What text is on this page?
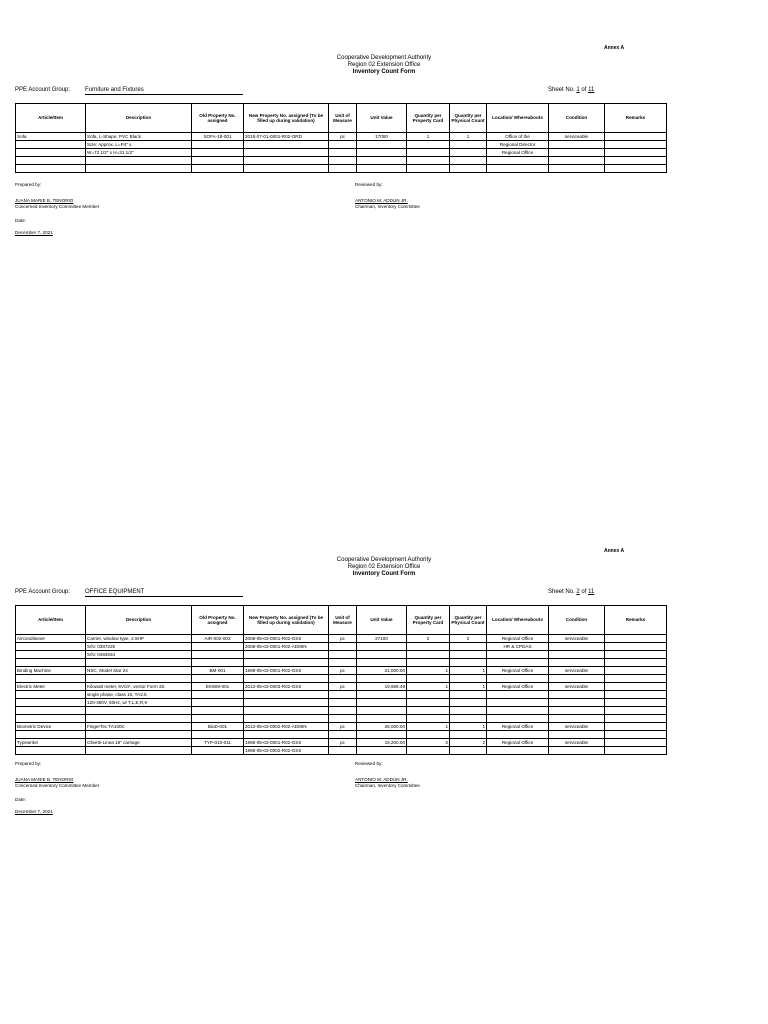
Annex A
Cooperative Development Authority
Region 02 Extension Office
Inventory Count Form
PPE Account Group: Furniture and Fixtures	Sheet No. 1 of 11
Article/Item	Description	Old Property No. assigned	New Property No. assigned (To be filled up during validation)	Unit of Measure	Unit Value	Quantity per Property Card	Quantity per Physical Count	Location/ Whereabouts	Condition	Remarks
Sofa	Sofa, L-Shape, PVC Black	SOFA-18-001	2018-07-01-0001-R02-ORD	pc	17000	1	1	Office of the	serviceable	
	Size: Approx. L=P4" x							Regional Director		
	W=72 1/2" x H=31 1/2"							Regional Office		

Prepared by:
JUANA MARIE B. TENORIO
Concerned Inventory Committee Member
Date:
December 7, 2021
Reviewed by:
ANTONIO M. ADDUN JR.
Chairman, Inventory Committee
Annex A
Cooperative Development Authority
Region 02 Extension Office
Inventory Count Form
PPE Account Group: OFFICE EQUIPMENT	Sheet No. 2 of 11
Article/Item	Description	Old Property No. assigned	New Property No. assigned (To be filled up during validation)	Unit of Measure	Unit Value	Quantity per Property Card	Quantity per Physical Count	Location/ Whereabouts	Condition	Remarks
Airconditioner	Carrier, window type, 2.5HP	AIR-002-003	2008-05-02-0001-R02-GSS	pc	27100	2	2	Regional Office	serviceable	
	S/N: 0387225		2008-05-02-0001-R02-ADMIN					HR & CPDAS		
	S/N: 0484934									

Binding Machine	NSC, Model Star 24	BM-001	1998-05-02-0001-R02-GSS	pc	21,000.00	1	1	Regional Office	serviceable	

Electric Meter	Kilowatt meter, 6V/2i*, vector Form 3S	EKWM-001	2013-05-02-0003-R02-GSS	pc	19,659.49	1	1	Regional Office	serviceable	
	single phase, class 10, TA2.5									
	120-480V, 60Hz, w/ T,L,E,R,K									

Biometric Device	FingerTec TA100C	BioD-001	2013-05-02-0002-R02-ADMIN	pc	28,000.00	1	1	Regional Office	serviceable	

Typewriter	Olivetti-Linea 18" carriage	TYP-010-011	1996-05-02-0001-R02-GSS	pc	19,200.00	2	2	Regional Office	serviceable	
			1996-05-02-0002-R02-GSS							
Prepared by:
JUANA MARIE B. TENORIO
Concerned Inventory Committee Member
Date:
December 7, 2021
Reviewed by:
ANTONIO M. ADDUN JR.
Chairman, Inventory Committee
